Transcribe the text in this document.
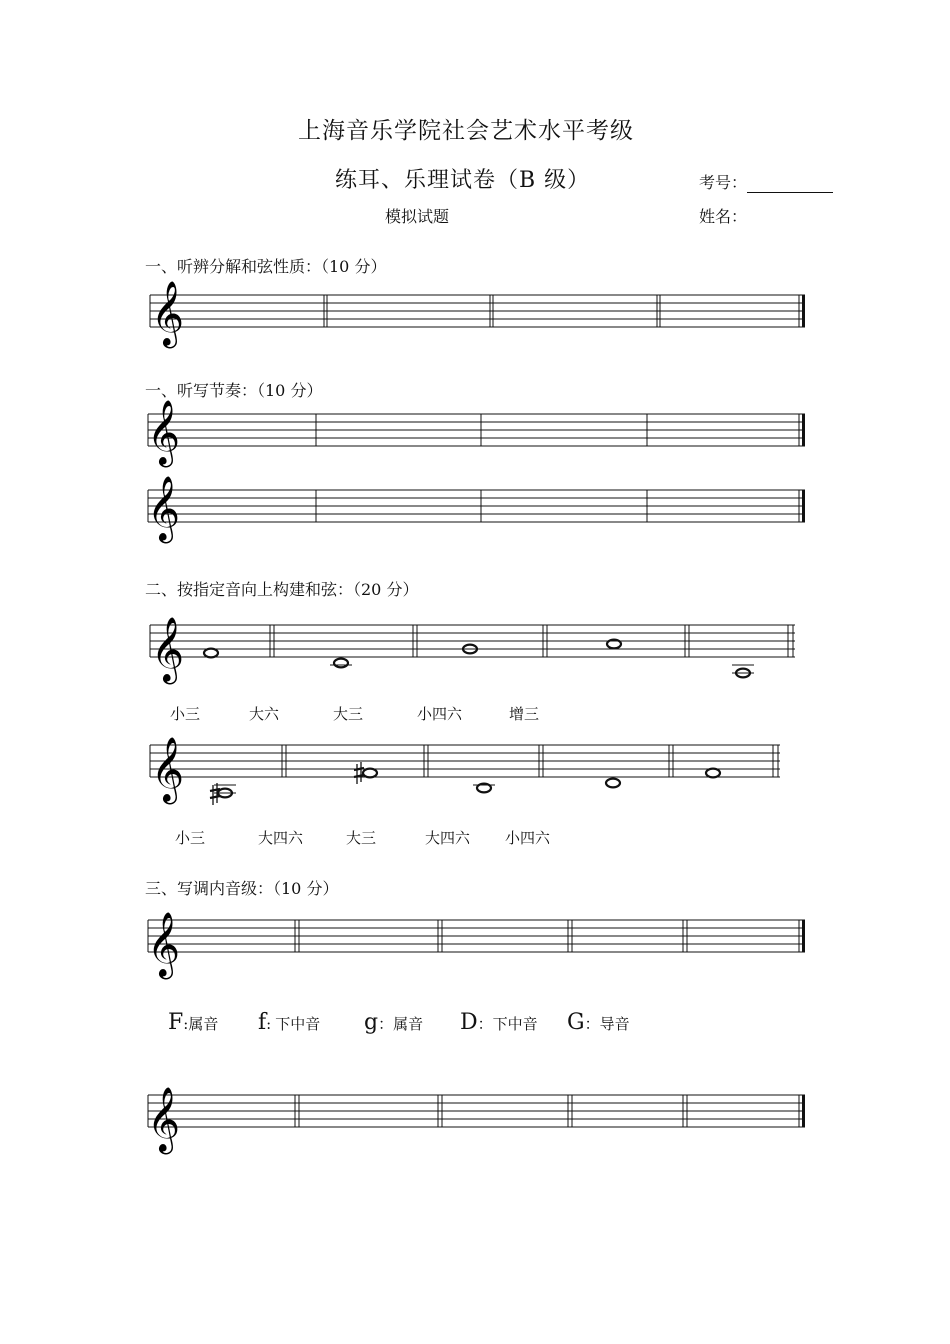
上海音乐学院社会艺术水平考级
练耳、乐理试卷（B 级）	考号：
模拟试题	姓名：
一、听辨分解和弦性质：（10 分）
一、听写节奏：（10 分）
二、按指定音向上构建和弦：（20 分）
三、写调内音级：（10 分）
𝄞
𝄞
𝄞
𝄞
小三	大六	大三	小四六	增三
𝄞
小三	大四六	大三	大四六 小四六
𝄞
F:属音 f: 下中音 g：属音 D：下中音 G：导音
𝄞
